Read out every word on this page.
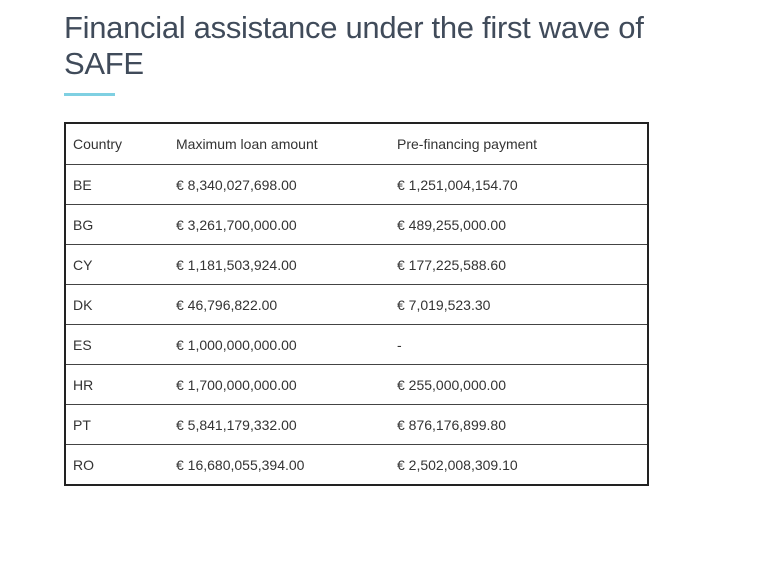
Financial assistance under the first wave of SAFE
Country	Maximum loan amount	Pre-financing payment
BE	€ 8,340,027,698.00	€ 1,251,004,154.70
BG	€ 3,261,700,000.00	€ 489,255,000.00
CY	€ 1,181,503,924.00	€ 177,225,588.60
DK	€ 46,796,822.00	€ 7,019,523.30
ES	€ 1,000,000,000.00	-
HR	€ 1,700,000,000.00	€ 255,000,000.00
PT	€ 5,841,179,332.00	€ 876,176,899.80
RO	€ 16,680,055,394.00	€ 2,502,008,309.10
